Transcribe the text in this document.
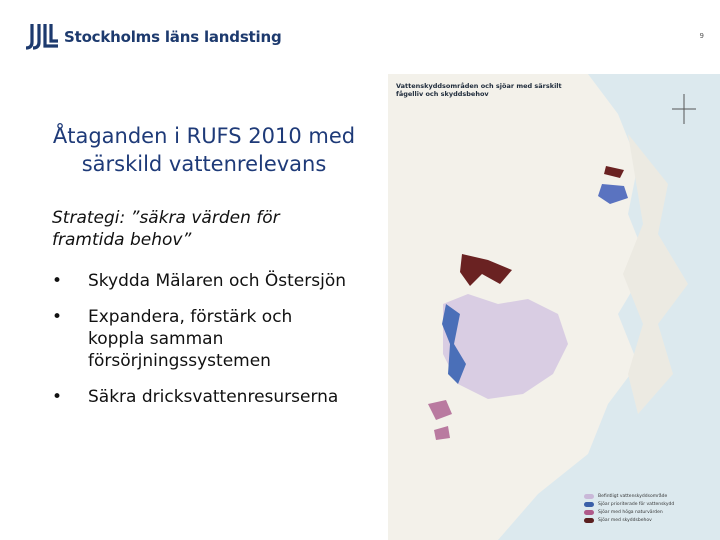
Stockholms läns landsting	9
Åtaganden i RUFS 2010 med särskild vattenrelevans
Strategi: ”säkra värden för framtida behov”
• Skydda Mälaren och Östersjön
• Expandera, förstärk och koppla samman försörjningssystemen
• Säkra dricksvattenresurserna
Vattenskyddsområden och sjöar med särskilt fågelliv och skyddsbehov
Befintligt vattenskyddsområde
Sjöar prioriterade för vattenskydd
Sjöar med höga naturvärden
Sjöar med skyddsbehov
